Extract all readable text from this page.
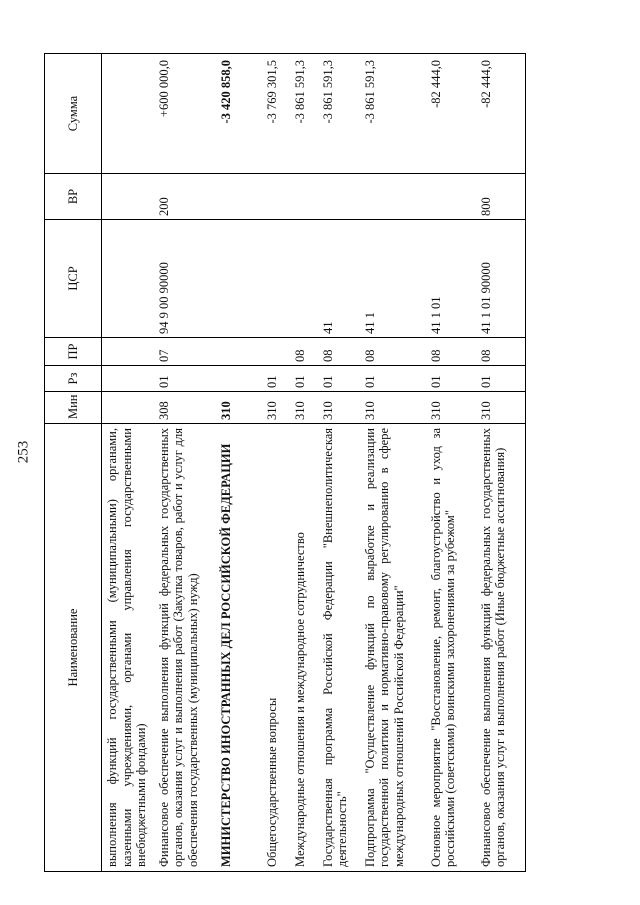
253
Наименование	Мин	Рз	ПР	ЦСР	ВР	Сумма
выполнения функций государственными (муниципальными) органами, казенными учреждениями, органами управления государственными внебюджетными фондами)						
Финансовое обеспечение выполнения функций федеральных государственных органов, оказания услуг и выполнения работ (Закупка товаров, работ и услуг для обеспечения государственных (муниципальных) нужд)	308	01	07	94 9 00 90000	200	+600 000,0
МИНИСТЕРСТВО ИНОСТРАННЫХ ДЕЛ РОССИЙСКОЙ ФЕДЕРАЦИИ	310					-3 420 858,0
Общегосударственные вопросы	310	01				-3 769 301,5
Международные отношения и международное сотрудничество	310	01	08			-3 861 591,3
Государственная программа Российской Федерации "Внешнеполитическая деятельность"	310	01	08	41		-3 861 591,3
Подпрограмма "Осуществление функций по выработке и реализации государственной политики и нормативно-правовому регулированию в сфере международных отношений Российской Федерации"	310	01	08	41 1		-3 861 591,3
Основное мероприятие "Восстановление, ремонт, благоустройство и уход за российскими (советскими) воинскими захоронениями за рубежом"	310	01	08	41 1 01		-82 444,0
Финансовое обеспечение выполнения функций федеральных государственных органов, оказания услуг и выполнения работ (Иные бюджетные ассигнования)	310	01	08	41 1 01 90000	800	-82 444,0
